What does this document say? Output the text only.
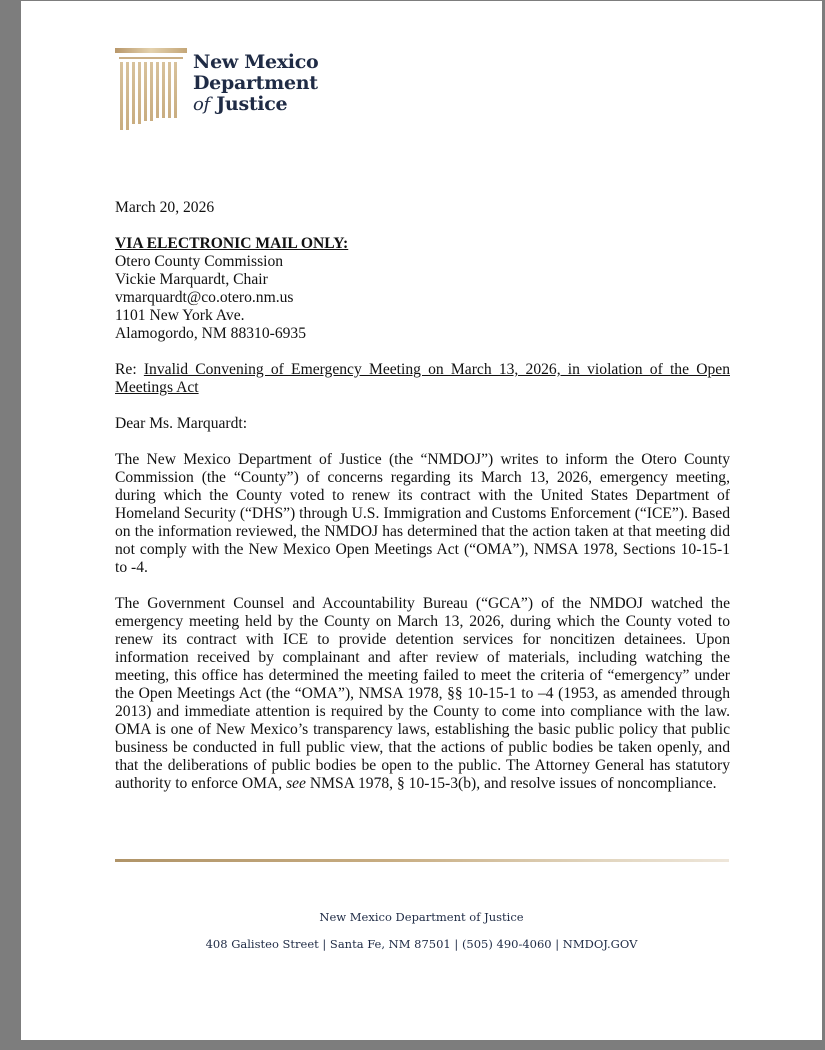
New Mexico
Department
of Justice

March 20, 2026

VIA ELECTRONIC MAIL ONLY:

Otero County Commission

Vickie Marquardt, Chair

vmarquardt@co.otero.nm.us

1101 New York Ave.

Alamogordo, NM 88310-6935

Re: Invalid Convening of Emergency Meeting on March 13, 2026, in violation of the Open Meetings Act

Dear Ms. Marquardt:

The New Mexico Department of Justice (the “NMDOJ”) writes to inform the Otero County Commission (the “County”) of concerns regarding its March 13, 2026, emergency meeting, during which the County voted to renew its contract with the United States Department of Homeland Security (“DHS”) through U.S. Immigration and Customs Enforcement (“ICE”). Based on the information reviewed, the NMDOJ has determined that the action taken at that meeting did not comply with the New Mexico Open Meetings Act (“OMA”), NMSA 1978, Sections 10-15-1 to -4.

The Government Counsel and Accountability Bureau (“GCA”) of the NMDOJ watched the emergency meeting held by the County on March 13, 2026, during which the County voted to renew its contract with ICE to provide detention services for noncitizen detainees. Upon information received by complainant and after review of materials, including watching the meeting, this office has determined the meeting failed to meet the criteria of “emergency” under the Open Meetings Act (the “OMA”), NMSA 1978, §§ 10-15-1 to –4 (1953, as amended through 2013) and immediate attention is required by the County to come into compliance with the law. OMA is one of New Mexico’s transparency laws, establishing the basic public policy that public business be conducted in full public view, that the actions of public bodies be taken openly, and that the deliberations of public bodies be open to the public. The Attorney General has statutory authority to enforce OMA, see NMSA 1978, § 10-15-3(b), and resolve issues of noncompliance.

New Mexico Department of Justice
408 Galisteo Street | Santa Fe, NM 87501 | (505) 490-4060 | NMDOJ.GOV
